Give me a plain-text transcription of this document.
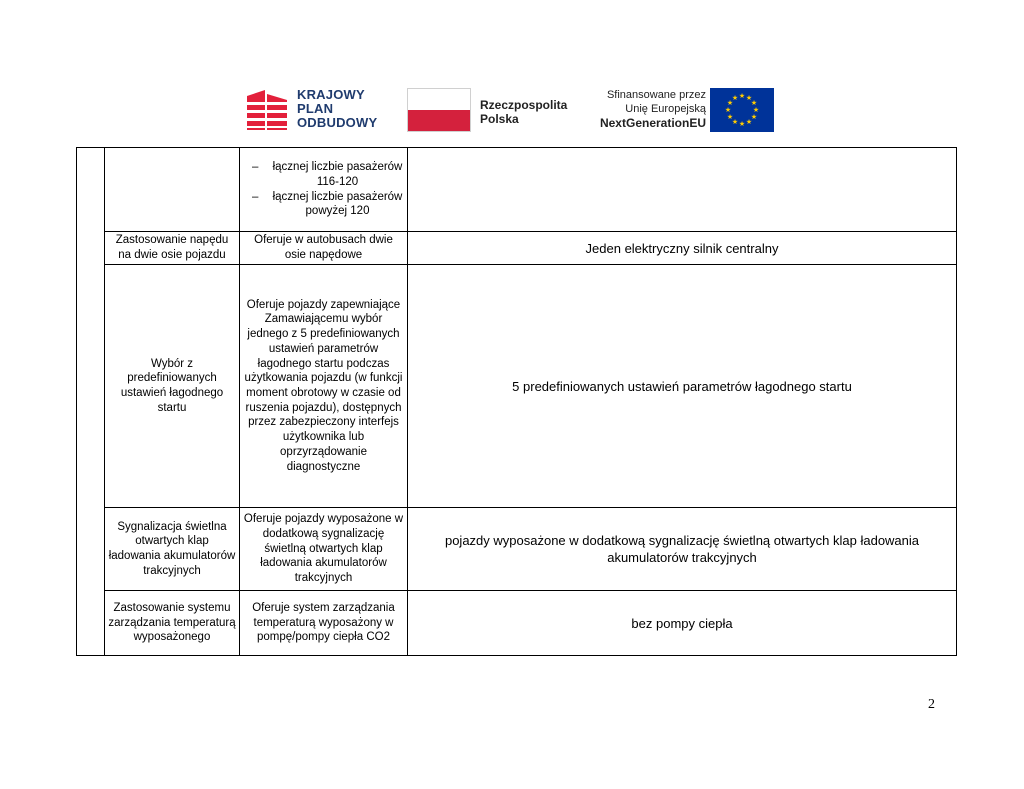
KRAJOWY
PLAN
ODBUDOWY
Rzeczpospolita
Polska
Sfinansowane przez
Unię Europejską
NextGenerationEU
★ ★
★
★
★
★
★
★
★
★
★
★

		– łącznej liczbie pasażerów 116-120
– łącznej liczbie pasażerów powyżej 120	

	Zastosowanie napędu na dwie osie pojazdu	Oferuje w autobusach dwie osie napędowe	Jeden elektryczny silnik centralny
	Wybór z predefiniowanych ustawień łagodnego startu	Oferuje pojazdy zapewniające Zamawiającemu wybór jednego z 5 predefiniowanych ustawień parametrów łagodnego startu podczas użytkowania pojazdu (w funkcji moment obrotowy w czasie od ruszenia pojazdu), dostępnych przez zabezpieczony interfejs użytkownika lub oprzyrządowanie diagnostyczne	5 predefiniowanych ustawień parametrów łagodnego startu
	Sygnalizacja świetlna otwartych klap ładowania akumulatorów trakcyjnych	Oferuje pojazdy wyposażone w dodatkową sygnalizację świetlną otwartych klap ładowania akumulatorów trakcyjnych	pojazdy wyposażone w dodatkową sygnalizację świetlną otwartych klap ładowania akumulatorów trakcyjnych
	Zastosowanie systemu zarządzania temperaturą wyposażonego	Oferuje system zarządzania temperaturą wyposażony w pompę/pompy ciepła CO2	bez pompy ciepła
2
